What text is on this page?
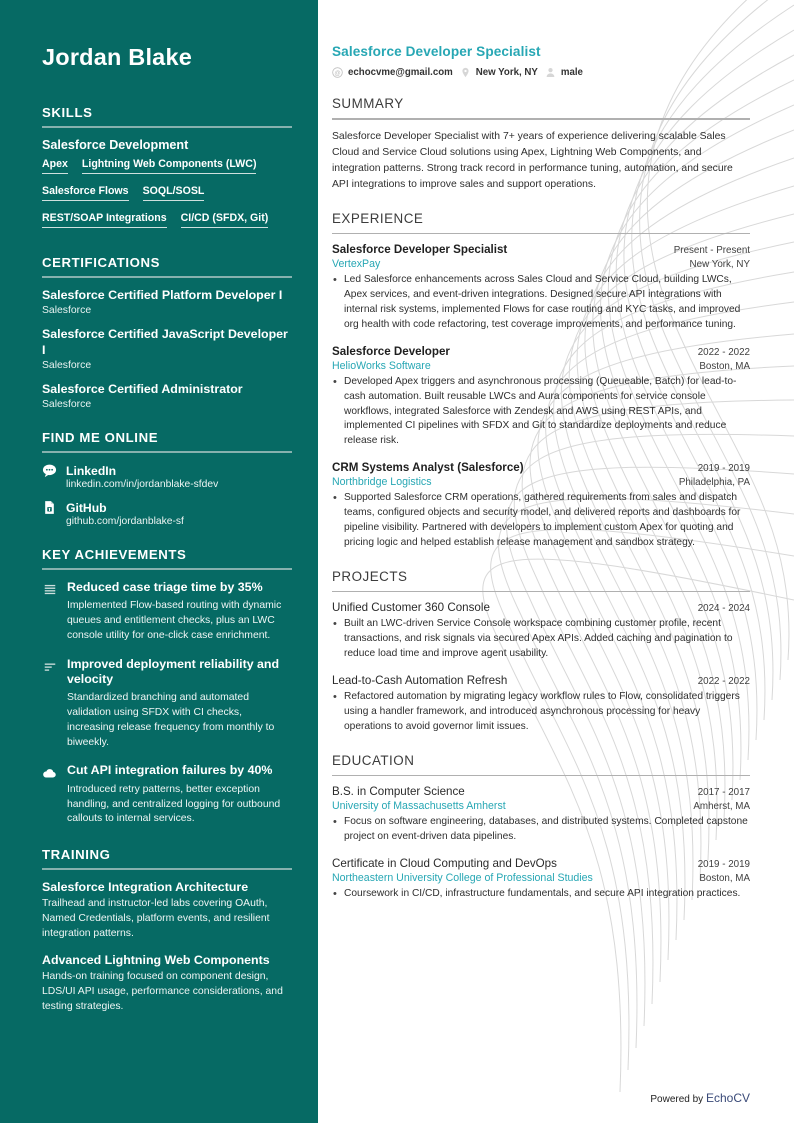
Jordan Blake
SKILLS
Salesforce Development
Apex Lightning Web Components (LWC)
Salesforce Flows SOQL/SOSL
REST/SOAP Integrations CI/CD (SFDX, Git)
CERTIFICATIONS
Salesforce Certified Platform Developer I
Salesforce
Salesforce Certified JavaScript Developer I
Salesforce
Salesforce Certified Administrator
Salesforce
FIND ME ONLINE
LinkedIn
linkedin.com/in/jordanblake-sfdev
GitHub
github.com/jordanblake-sf
KEY ACHIEVEMENTS
Reduced case triage time by 35%
Implemented Flow-based routing with dynamic queues and entitlement checks, plus an LWC console utility for one-click case enrichment.
Improved deployment reliability and velocity
Standardized branching and automated validation using SFDX with CI checks, increasing release frequency from monthly to biweekly.
Cut API integration failures by 40%
Introduced retry patterns, better exception handling, and centralized logging for outbound callouts to internal services.
TRAINING
Salesforce Integration Architecture
Trailhead and instructor-led labs covering OAuth, Named Credentials, platform events, and resilient integration patterns.
Advanced Lightning Web Components
Hands-on training focused on component design, LDS/UI API usage, performance considerations, and testing strategies.
Salesforce Developer Specialist
@ echocvme@gmail.com New York, NY male
SUMMARY

Salesforce Developer Specialist with 7+ years of experience delivering scalable Sales Cloud and Service Cloud solutions using Apex, Lightning Web Components, and integration patterns. Strong track record in performance tuning, automation, and secure API integrations to improve sales and support operations.

EXPERIENCE
Salesforce Developer Specialist	Present - Present
VertexPay	New York, NY
• Led Salesforce enhancements across Sales Cloud and Service Cloud, building LWCs, Apex services, and event-driven integrations. Designed secure API integrations with internal risk systems, implemented Flows for case routing and KYC tasks, and improved org health with code refactoring, test coverage improvements, and performance tuning.
Salesforce Developer	2022 - 2022
HelioWorks Software	Boston, MA
• Developed Apex triggers and asynchronous processing (Queueable, Batch) for lead-to-cash automation. Built reusable LWCs and Aura components for service console workflows, integrated Salesforce with Zendesk and AWS using REST APIs, and implemented CI pipelines with SFDX and Git to standardize deployments and reduce release risk.
CRM Systems Analyst (Salesforce)	2019 - 2019
Northbridge Logistics	Philadelphia, PA
• Supported Salesforce CRM operations, gathered requirements from sales and dispatch teams, configured objects and security model, and delivered reports and dashboards for pipeline visibility. Partnered with developers to implement custom Apex for quoting and pricing logic and helped establish release management and sandbox strategy.
PROJECTS
Unified Customer 360 Console	2024 - 2024
• Built an LWC-driven Service Console workspace combining customer profile, recent transactions, and risk signals via secured Apex APIs. Added caching and pagination to reduce load time and improve agent usability.
Lead-to-Cash Automation Refresh	2022 - 2022
• Refactored automation by migrating legacy workflow rules to Flow, consolidated triggers using a handler framework, and introduced asynchronous processing for heavy operations to avoid governor limit issues.
EDUCATION
B.S. in Computer Science	2017 - 2017
University of Massachusetts Amherst	Amherst, MA
• Focus on software engineering, databases, and distributed systems. Completed capstone project on event-driven data pipelines.
Certificate in Cloud Computing and DevOps	2019 - 2019
Northeastern University College of Professional Studies	Boston, MA
• Coursework in CI/CD, infrastructure fundamentals, and secure API integration practices.
Powered by EchoCV
